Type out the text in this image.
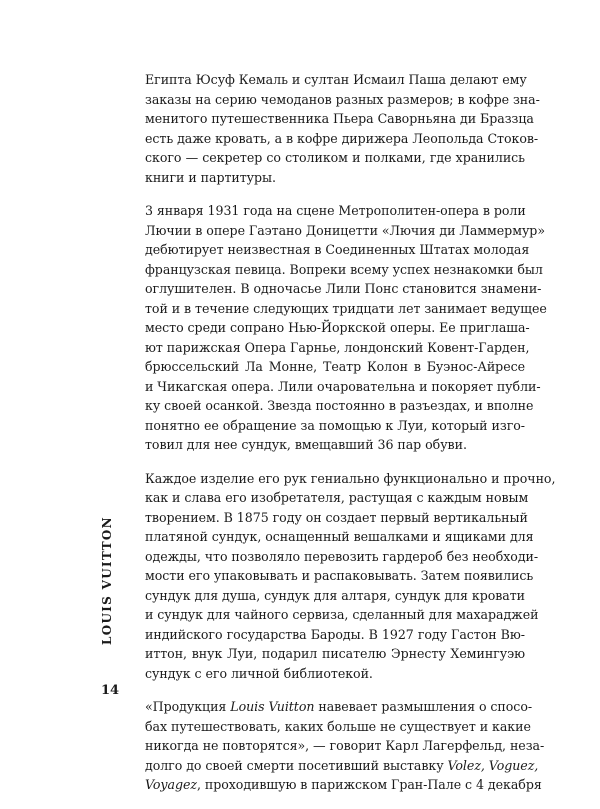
Египта Юсуф Кемаль и султан Исмаил Паша делают ему
заказы на серию чемоданов разных размеров; в кофре зна-
менитого путешественника Пьера Саворньяна ди Браззца
есть даже кровать, а в кофре дирижера Леопольда Стоков-
ского — секретер со столиком и полками, где хранились
книги и партитуры.

3 января 1931 года на сцене Метрополитен-опера в роли
Лючии в опере Гаэтано Доницетти «Лючия ди Ламмермур»
дебютирует неизвестная в Соединенных Штатах молодая
французская певица. Вопреки всему успех незнакомки был
оглушителен. В одночасье Лили Понс становится знамени-
той и в течение следующих тридцати лет занимает ведущее
место среди сопрано Нью-Йоркской оперы. Ее приглаша-
ют парижская Опера Гарнье, лондонский Ковент-Гарден,
брюссельский Ла Монне, Театр Колон в Буэнос-Айресе
и Чикагская опера. Лили очаровательна и покоряет публи-
ку своей осанкой. Звезда постоянно в разъездах, и вполне
понятно ее обращение за помощью к Луи, который изго-
товил для нее сундук, вмещавший 36 пар обуви.

Каждое изделие его рук гениально функционально и прочно,
как и слава его изобретателя, растущая с каждым новым
творением. В 1875 году он создает первый вертикальный
платяной сундук, оснащенный вешалками и ящиками для
одежды, что позволяло перевозить гардероб без необходи-
мости его упаковывать и распаковывать. Затем появились
сундук для душа, сундук для алтаря, сундук для кровати
и сундук для чайного сервиза, сделанный для махараджей
индийского государства Бароды. В 1927 году Гастон Вю-
иттон, внук Луи, подарил писателю Эрнесту Хемингуэю
сундук с его личной библиотекой.

«Продукция Louis Vuitton навевает размышления о спосо-
бах путешествовать, каких больше не существует и какие
никогда не повторятся», — говорит Карл Лагерфельд, неза-
долго до своей смерти посетивший выставку Volez, Voguez,
Voyagez, проходившую в парижском Гран-Пале с 4 декабря

LOUIS VUITTON
14
